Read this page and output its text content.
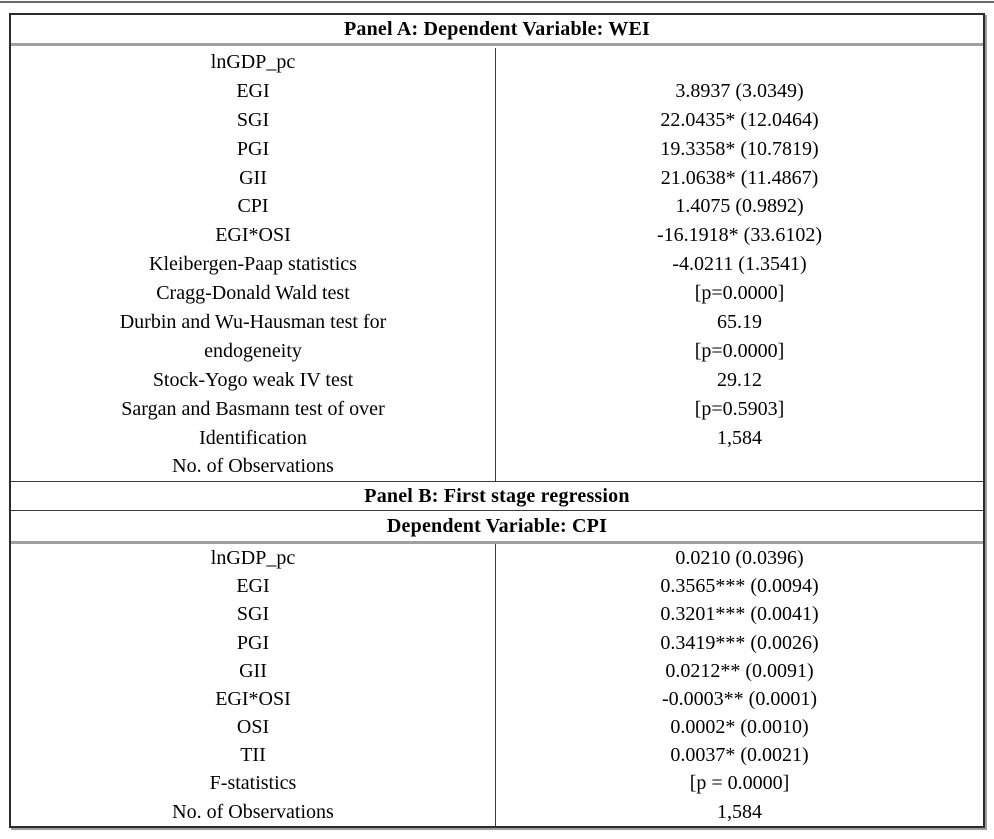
Panel A: Dependent Variable: WEI
lnGDP_pc
EGI	3.8937 (3.0349)
SGI	22.0435* (12.0464)
PGI	19.3358* (10.7819)
GII	21.0638* (11.4867)
CPI	1.4075 (0.9892)
EGI*OSI	-16.1918* (33.6102)
Kleibergen-Paap statistics	-4.0211 (1.3541)
Cragg-Donald Wald test	[p=0.0000]
Durbin and Wu-Hausman test for	65.19
endogeneity	[p=0.0000]
Stock-Yogo weak IV test	29.12
Sargan and Basmann test of over	[p=0.5903]
Identification	1,584
No. of Observations
Panel B: First stage regression
Dependent Variable: CPI
lnGDP_pc	0.0210 (0.0396)
EGI	0.3565*** (0.0094)
SGI	0.3201*** (0.0041)
PGI	0.3419*** (0.0026)
GII	0.0212** (0.0091)
EGI*OSI	-0.0003** (0.0001)
OSI	0.0002* (0.0010)
TII	0.0037* (0.0021)
F-statistics	[p = 0.0000]
No. of Observations	1,584
